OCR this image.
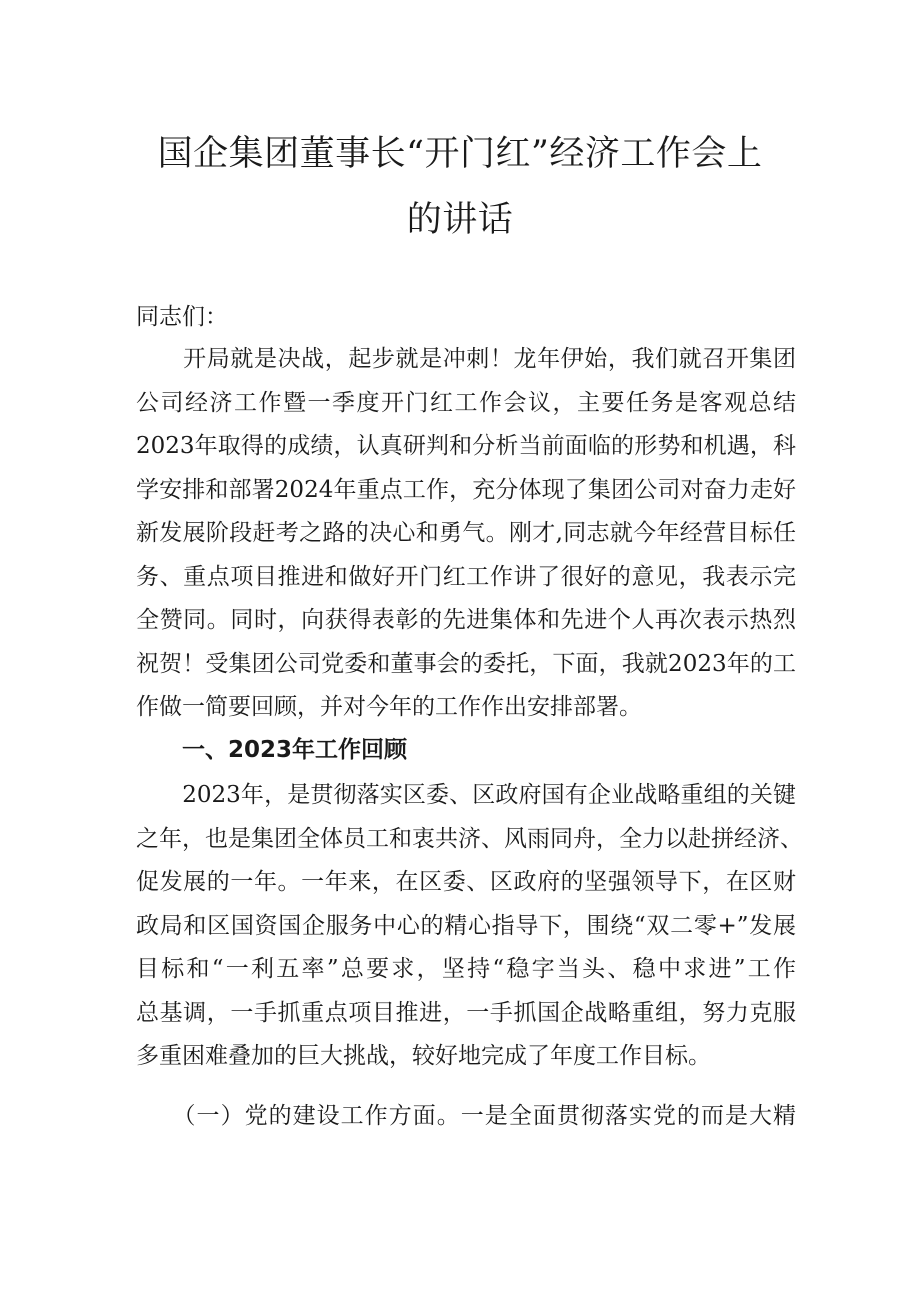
国企集团董事长“开门红”经济工作会上
的讲话

同志们：

　　开局就是决战，起步就是冲刺！龙年伊始，我们就召开集团
公司经济工作暨一季度开门红工作会议，主要任务是客观总结
2023年取得的成绩，认真研判和分析当前面临的形势和机遇，科
学安排和部署2024年重点工作，充分体现了集团公司对奋力走好
新发展阶段赶考之路的决心和勇气。刚才,同志就今年经营目标任
务、重点项目推进和做好开门红工作讲了很好的意见，我表示完
全赞同。同时，向获得表彰的先进集体和先进个人再次表示热烈
祝贺！受集团公司党委和董事会的委托，下面，我就2023年的工
作做一简要回顾，并对今年的工作作出安排部署。
一、2023年工作回顾
　　2023年，是贯彻落实区委、区政府国有企业战略重组的关键
之年，也是集团全体员工和衷共济、风雨同舟，全力以赴拼经济、
促发展的一年。一年来，在区委、区政府的坚强领导下，在区财
政局和区国资国企服务中心的精心指导下，围绕“双二零+”发展
目标和“一利五率”总要求，坚持“稳字当头、稳中求进”工作
总基调，一手抓重点项目推进，一手抓国企战略重组，努力克服
多重困难叠加的巨大挑战，较好地完成了年度工作目标。
　　（一）党的建设工作方面。一是全面贯彻落实党的而是大精
